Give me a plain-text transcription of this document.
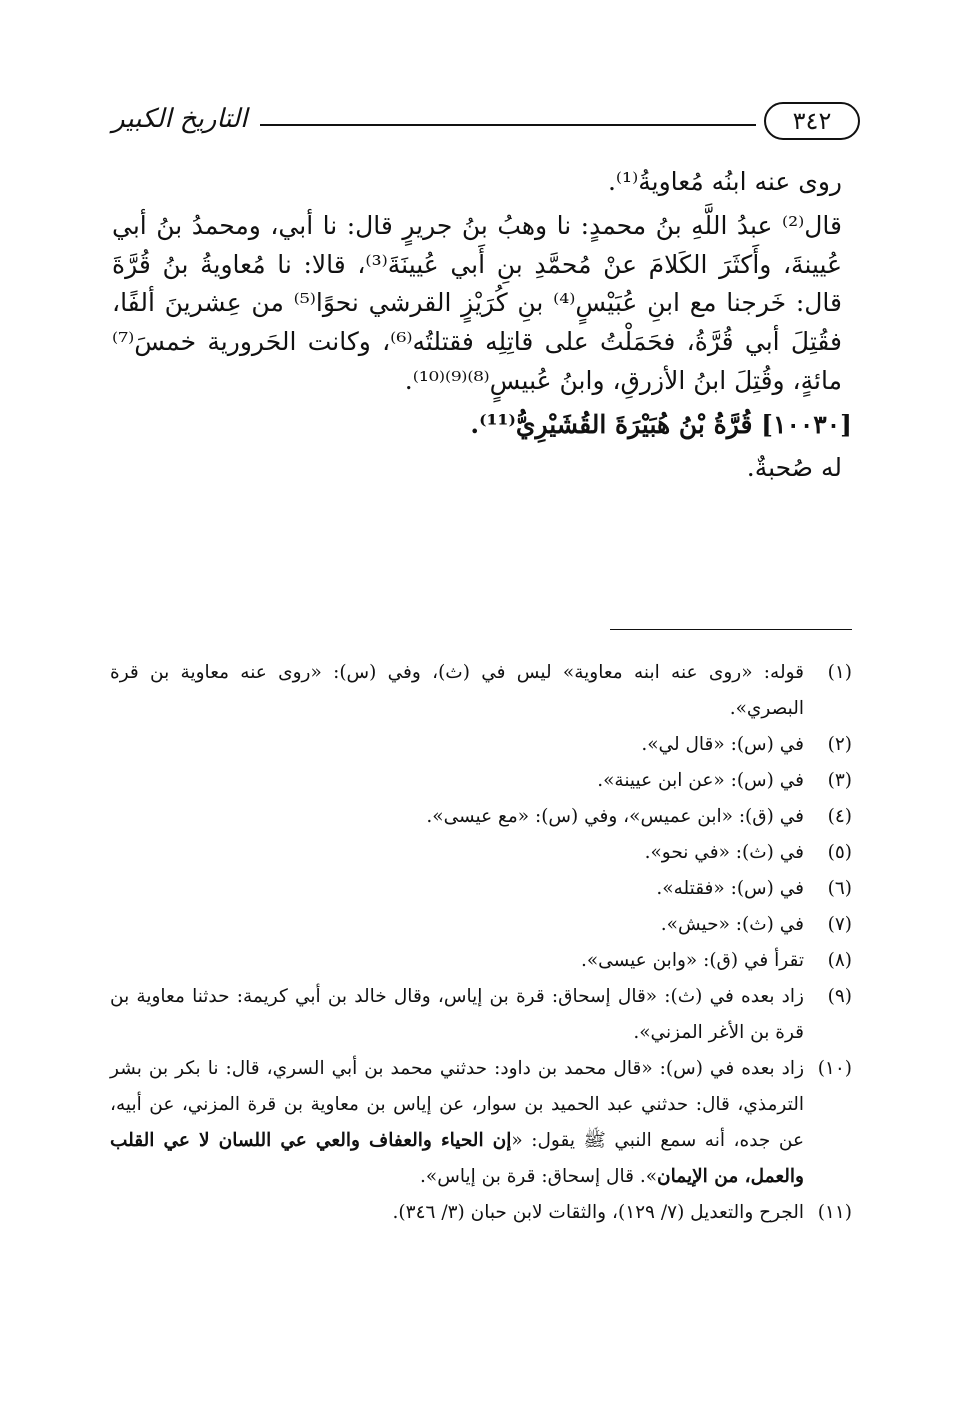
٣٤٢
التاريخ الكبير

روى عنه ابنُه مُعاويةُ⁽¹⁾.

قال⁽²⁾ عبدُ اللَّهِ بنُ محمدٍ: نا وهبُ بنُ جريرٍ قال: نا أبي، ومحمدُ بنُ أبي عُيينةَ، وأَكثَرَ الكَلامَ عنْ مُحمَّدِ بنِ أَبي عُيينَةَ⁽³⁾، قالا: نا مُعاويةُ بنُ قُرَّةَ قال: خَرجنا مع ابنِ عُبَيْسٍ⁽⁴⁾ بنِ كُرَيْزٍ القرشي نحوًا⁽⁵⁾ من عِشرينَ ألفًا، فقُتِلَ أبي قُرَّةُ، فحَمَلْتُ على قاتِلِه فقتلتُه⁽⁶⁾، وكانت الحَرورية خمسَ⁽⁷⁾ مائةٍ، وقُتِلَ ابنُ الأزرقِ، وابنُ عُبيسٍ⁽⁸⁾⁽⁹⁾⁽¹⁰⁾.

[١٠٠٣٠] قُرَّةُ بْنُ هُبَيْرَةَ القُشَيْرِيُّ⁽¹¹⁾.

له صُحبةٌ.

(١)
قوله: «روى عنه ابنه معاوية» ليس في (ث)، وفي (س): «روى عنه معاوية بن قرة البصري».
(٢)
في (س): «قال لي».
(٣)
في (س): «عن ابن عيينة».
(٤)
في (ق): «ابن عميس»، وفي (س): «مع عيسى».
(٥)
في (ث): «في نحو».
(٦)
في (س): «فقتله».
(٧)
في (ث): «حيش».
(٨)
تقرأ في (ق): «وابن عيسى».
(٩)
زاد بعده في (ث): «قال إسحاق: قرة بن إياس، وقال خالد بن أبي كريمة: حدثنا معاوية بن قرة بن الأغر المزني».
(١٠)
زاد بعده في (س): «قال محمد بن داود: حدثني محمد بن أبي السري، قال: نا بكر بن بشر الترمذي، قال: حدثني عبد الحميد بن سوار، عن إياس بن معاوية بن قرة المزني، عن أبيه، عن جده، أنه سمع النبي ﷺ يقول: «إن الحياء والعفاف والعي عي اللسان لا عي القلب والعمل، من الإيمان». قال إسحاق: قرة بن إياس».
(١١)
الجرح والتعديل (٧/ ١٢٩)، والثقات لابن حبان (٣/ ٣٤٦).
